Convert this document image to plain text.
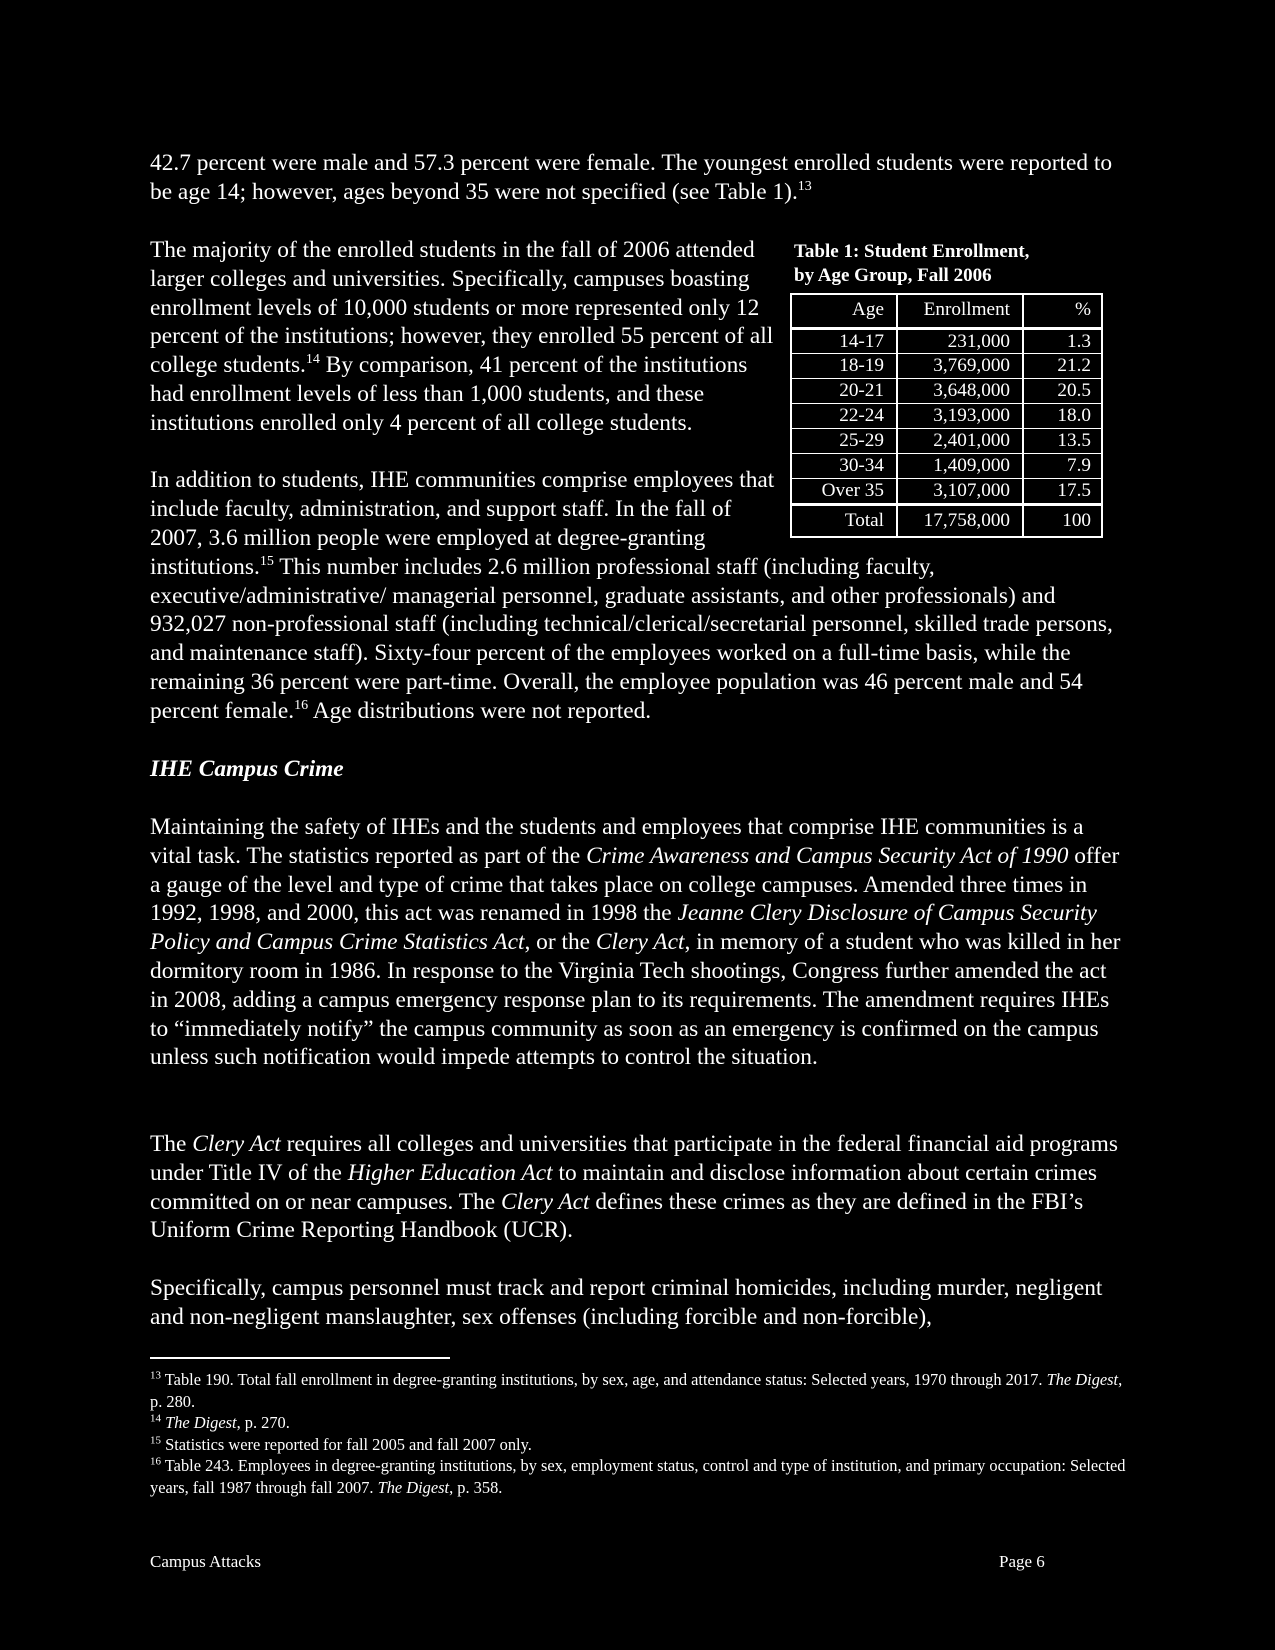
42.7 percent were male and 57.3 percent were female. The youngest enrolled students were reported to be age 14; however, ages beyond 35 were not specified (see Table 1).$^{13}$

Table 1: Student Enrollment,
by Age Group, Fall 2006
Age	Enrollment	%
14-17	231,000	1.3
18-19	3,769,000	21.2
20-21	3,648,000	20.5
22-24	3,193,000	18.0
25-29	2,401,000	13.5
30-34	1,409,000	7.9
Over 35	3,107,000	17.5
Total	17,758,000	100

The majority of the enrolled students in the fall of 2006 attended larger colleges and universities. Specifically, campuses boasting enrollment levels of 10,000 students or more represented only 12 percent of the institutions; however, they enrolled 55 percent of all college students.$^{14}$ By comparison, 41 percent of the institutions had enrollment levels of less than 1,000 students, and these institutions enrolled only 4 percent of all college students.

In addition to students, IHE communities comprise employees that include faculty, administration, and support staff. In the fall of 2007, 3.6 million people were employed at degree-granting institutions.$^{15}$ This number includes 2.6 million professional staff (including faculty, executive/administrative/ managerial personnel, graduate assistants, and other professionals) and 932,027 non-professional staff (including technical/clerical/secretarial personnel, skilled trade persons, and maintenance staff). Sixty-four percent of the employees worked on a full-time basis, while the remaining 36 percent were part-time. Overall, the employee population was 46 percent male and 54 percent female.$^{16}$ Age distributions were not reported.

IHE Campus Crime

Maintaining the safety of IHEs and the students and employees that comprise IHE communities is a vital task. The statistics reported as part of the Crime Awareness and Campus Security Act of 1990 offer a gauge of the level and type of crime that takes place on college campuses. Amended three times in 1992, 1998, and 2000, this act was renamed in 1998 the Jeanne Clery Disclosure of Campus Security Policy and Campus Crime Statistics Act, or the Clery Act, in memory of a student who was killed in her dormitory room in 1986. In response to the Virginia Tech shootings, Congress further amended the act in 2008, adding a campus emergency response plan to its requirements. The amendment requires IHEs to “immediately notify” the campus community as soon as an emergency is confirmed on the campus unless such notification would impede attempts to control the situation.

The Clery Act requires all colleges and universities that participate in the federal financial aid programs under Title IV of the Higher Education Act to maintain and disclose information about certain crimes committed on or near campuses. The Clery Act defines these crimes as they are defined in the FBI’s Uniform Crime Reporting Handbook (UCR).

Specifically, campus personnel must track and report criminal homicides, including murder, negligent and non-negligent manslaughter, sex offenses (including forcible and non-forcible),

$^{13}$ Table 190. Total fall enrollment in degree-granting institutions, by sex, age, and attendance status: Selected years, 1970 through 2017. The Digest, p. 280.

$^{14}$ The Digest, p. 270.

$^{15}$ Statistics were reported for fall 2005 and fall 2007 only.

$^{16}$ Table 243. Employees in degree-granting institutions, by sex, employment status, control and type of institution, and primary occupation: Selected years, fall 1987 through fall 2007. The Digest, p. 358.

Campus Attacks	Page 6
